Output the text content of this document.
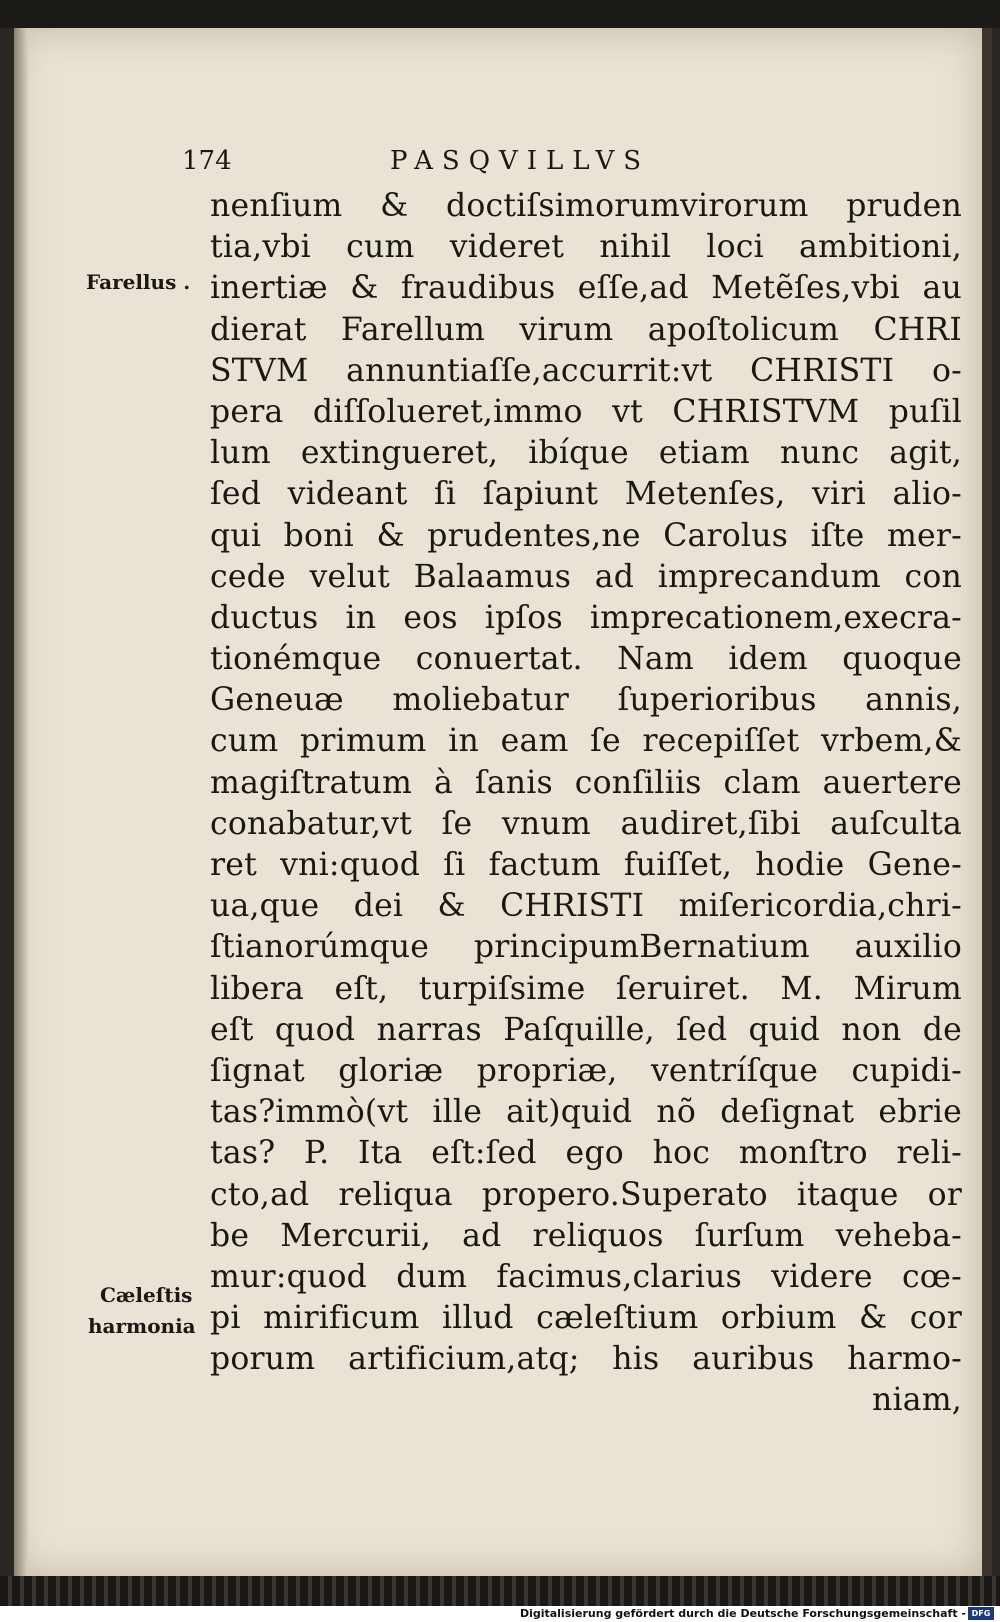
174	PASQVILLVS
Farellus .
Cæleſtis
harmonia
nenſium & doctiſsimorumvirorum pruden
tia,vbi cum videret nihil loci ambitioni,
inertiæ & fraudibus eſſe,ad Metẽſes,vbi au
dierat Farellum virum apoſtolicum CHRI
STVM annuntiaſſe,accurrit:vt CHRISTI o-
pera diſſolueret,immo vt CHRISTVM puſil
lum extingueret, ibíque etiam nunc agit,
ſed videant ſi ſapiunt Metenſes, viri alio-
qui boni & prudentes,ne Carolus iſte mer-
cede velut Balaamus ad imprecandum con
ductus in eos ipſos imprecationem,execra-
tionémque conuertat. Nam idem quoque
Geneuæ moliebatur ſuperioribus annis,
cum primum in eam ſe recepiſſet vrbem,&
magiſtratum à ſanis conſiliis clam auertere
conabatur,vt ſe vnum audiret,ſibi auſculta
ret vni:quod ſi factum fuiſſet, hodie Gene-
ua,que dei & CHRISTI miſericordia,chri-
ſtianorúmque principumBernatium auxilio
libera eſt, turpiſsime ſeruiret. M. Mirum
eſt quod narras Paſquille, ſed quid non de
ſignat gloriæ propriæ, ventríſque cupidi-
tas?immò(vt ille ait)quid nõ deſignat ebrie
tas? P. Ita eſt:ſed ego hoc monſtro reli-
cto,ad reliqua propero.Superato itaque or
be Mercurii, ad reliquos ſurſum vehebа-
mur:quod dum facimus,clarius videre cœ-
pi mirificum illud cæleſtium orbium & cor
porum artificium,atq; his auribus harmo-
niam,
Digitalisierung gefördert durch die Deutsche Forschungsgemeinschaft - DFG
